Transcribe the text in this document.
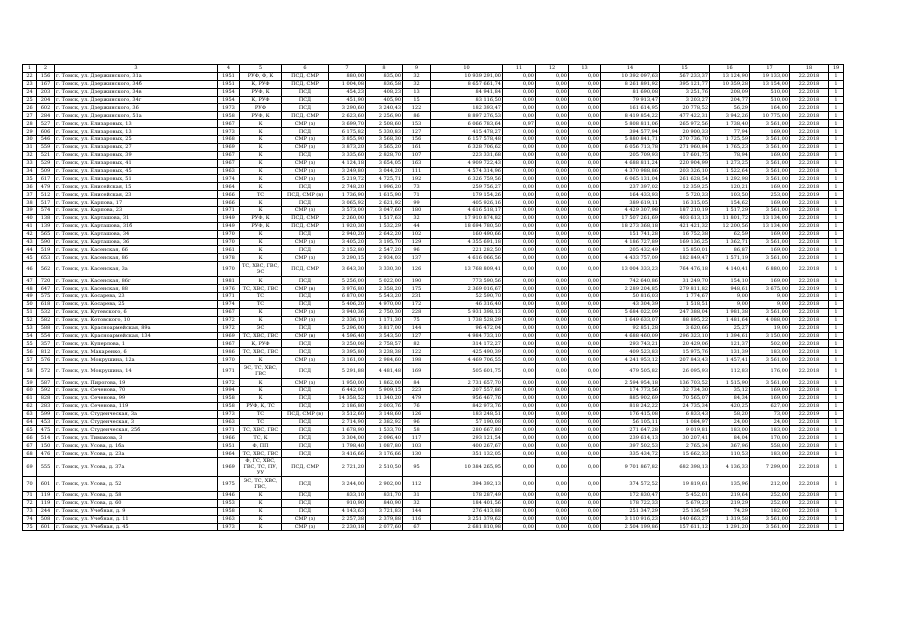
1	2	3	4	5	6	7	8	9	10	11	12	13	14	15	16	17	18	19
22	156	г. Томск, ул. Дзержинского, 31а	1951	РУФ, Ф, К	ПСД, СМР	880,00	835,00	32	10 939 291,00	0,00	0,00	0,00	10 392 097,63	567 233,37	13 124,90	19 133,00	22.2018	1
23	167	г. Томск, ул. Дзержинского, 34б	1951	К, РУФ	ПСД, СМР	1 004,08	836,58	32	8 657 661,74	0,00	0,00	0,00	8 261 891,92	395 121,77	10 359,28	13 154,00	22.2018	1
24	203	г. Томск, ул. Дзержинского, 34в	1954	РУФ, К	ПСД	454,23	408,23	13	84 941,84	0,00	0,00	0,00	81 690,08	3 251,76	208,09	510,00	22.2018	1
25	204	г. Томск, ул. Дзержинского, 34г	1954	К, РУФ	ПСД	451,90	405,90	15	83 116,50	0,00	0,00	0,00	79 913,47	3 203,27	204,77	510,00	22.2018	1
26	602	г. Томск, ул. Дзержинского, 36	1973	РУФ	ПСД	3 290,60	3 240,43	122	182 393,47	0,00	0,00	0,00	161 614,95	20 778,52	56,29	164,00	22.2018	1
27	284	г. Томск, ул. Дзержинского, 51а	1958	РУФ, К	ПСД, СМР	2 623,60	2 256,90	86	8 897 276,53	0,00	0,00	0,00	8 419 854,22	477 422,31	3 942,26	10 775,00	22.2018	1
28	527	г. Томск, ул. Елизаровых, 13	1967	К	СМР (з)	3 699,70	2 508,60	153	6 066 783,64	0,97	0,00	0,00	5 808 811,06	265 972,56	1 738,40	3 561,00	22.2018	1
29	606	г. Томск, ул. Елизаровых, 13	1973	К	ПСД	6 175,82	5 330,83	127	415 478,27	0,00	0,00	0,00	394 577,94	20 900,33	77,94	169,00	22.2018	1
30	546	г. Томск, ул. Елизаровых, 25	1968	К	СМР (з)	3 855,90	3 568,30	156	6 157 578,48	0,00	0,00	0,00	5 880 841,71	270 736,70	1 725,59	3 561,00	22.2018	1
31	559	г. Томск, ул. Елизаровых, 27	1969	К	СМР (з)	3 873,20	3 565,20	161	6 328 706,62	0,00	0,00	0,00	6 056 713,78	271 960,84	1 765,23	3 561,00	22.2018	1
32	521	г. Томск, ул. Елизаровых, 39	1967	К	ПСД	3 335,60	2 828,70	107	223 331,68	0,00	0,00	0,00	205 709,93	17 601,75	78,94	169,00	22.2018	1
33	529	г. Томск, ул. Елизаровых, 41	1967	К	СМР (з)	4 124,18	3 654,05	163	4 909 722,43	0,00	0,00	0,00	4 688 811,24	220 904,99	1 273,25	3 561,00	22.2018	1
34	509	г. Томск, ул. Елизаровых, 45	1963	К	СМР (з)	3 249,80	3 044,20	111	4 574 314,96	0,00	0,00	0,00	4 370 988,86	203 326,10	1 522,64	3 561,00	22.2018	1
35	617	г. Томск, ул. Елизаровых, 51	1974	К	СМР (з)	5 219,72	4 725,71	192	6 326 759,56	0,00	0,00	0,00	6 065 131,04	261 628,54	1 292,98	3 561,00	22.2018	1
36	479	г. Томск, ул. Енисейская, 15	1964	К	ПСД	2 748,20	1 996,20	73	259 756,27	0,00	0,00	0,00	237 397,02	12 359,25	120,21	169,00	22.2018	1
37	512	г. Томск, ул. Енисейская, 23	1966	ТС	ПСД, СМР (в)	1 736,90	1 615,90	71	179 154,26	0,00	0,00	0,00	164 433,93	5 720,33	103,50	253,00	22.2019	1
38	517	г. Томск, ул. Карпова, 17	1966	К	ПСД	3 065,92	2 621,92	99	405 926,16	0,00	0,00	0,00	389 619,11	16 315,05	154,62	169,00	22.2018	1
39	574	г. Томск, ул. Карпова, 23	1971	К	СМР (з)	3 573,00	3 047,60	180	4 616 518,17	0,00	0,00	0,00	4 429 307,98	187 210,19	1 517,29	3 561,00	22.2018	1
40	138	г. Томск, ул. Карташова, 31	1949	РУФ, К	ПСД, СМР	2 260,00	1 517,63	32	17 910 874,82	0,00	0,00	0,00	17 507 261,69	403 613,13	11 801,72	13 134,00	22.2018	1
41	139	г. Томск, ул. Карташова, 31б	1949	РУФ, К	ПСД, СМР	1 920,30	1 532,29	44	18 694 780,50	0,00	0,00	0,00	18 273 368,18	421 421,32	12 200,56	13 134,00	22.2018	1
42	565	г. Томск, ул. Карташова, 34	1970	К	ПСД	2 940,20	2 642,20	102	160 490,66	0,00	0,00	0,00	151 741,28	16 752,38	62,59	169,00	22.2018	1
43	590	г. Томск, ул. Карташова, 36	1970	К	СМР (з)	3 405,20	3 195,70	129	4 355 691,18	0,00	0,00	0,00	4 186 727,89	169 136,25	1 362,71	3 561,00	22.2018	1
44	519	г. Томск, ул. Касенская, 66	1961	К	ПСД	2 152,80	2 547,20	96	221 282,50	0,00	0,00	0,00	205 432,49	15 850,01	86,87	169,00	22.2018	1
45	653	г. Томск, ул. Касенская, 86	1978	К	СМР (з)	3 290,15	2 934,03	137	4 616 066,56	0,00	0,00	0,00	4 433 757,09	182 849,47	1 571,19	3 561,00	22.2018	1
46	562	г. Томск, ул. Касенская, 3а	1970	ТС, ХВС, ГВС, ЭС	ПСД, СМР	3 643,30	3 330,30	126	13 768 809,41	0,00	0,00	0,00	13 004 333,23	764 476,18	4 140,41	6 880,00	22.2018	1
47	720	г. Томск, ул. Касенская, 86г	1981	К	ПСД	5 256,00	5 022,00	190	773 590,56	0,00	0,00	0,00	742 640,86	31 249,70	154,10	169,00	22.2018	1
48	647	г. Томск, ул. Касенская, 88	1976	ТС, ХВС, ГВС	СМР (в)	3 976,80	2 358,20	175	2 369 016,67	0,00	0,00	0,00	2 289 204,85	279 811,82	948,61	3 675,00	22.2019	1
49	575	г. Томск, ул. Косарева, 23	1971	ТС	ПСД	6 870,00	5 543,20	231	52 590,70	0,00	0,00	0,00	50 816,03	1 774,67	9,00	9,00	22.2018	1
50	618	г. Томск, ул. Косарева, 25	1974	ТС	ПСД	5 406,20	4 970,00	172	46 316,40	0,00	0,00	0,00	43 304,39	1 518,51	9,00	9,00	22.2018	1
51	532	г. Томск, ул. Кутевского, 6	1967	К	СМР (з)	3 940,36	2 750,30	228	5 931 398,13	0,00	0,00	0,00	5 684 022,09	247 388,04	1 981,38	3 561,00	22.2018	1
52	582	г. Томск, ул. Котовского, 10	1972	К	СМР (з)	2 336,10	1 171,30	75	1 738 528,29	0,00	0,00	0,00	1 649 633,07	88 895,22	1 481,64	4 088,00	22.2018	1
53	588	г. Томск, ул. Красноармейская, 89а	1972	ЭС	ПСД	5 296,00	3 817,00	144	96 472,04	0,00	0,00	0,00	92 851,28	3 620,66	25,27	19,00	22.2018	1
54	554	г. Томск, ул. Красноармейская, 134	1969	ТС, ХВС, ГВС	СМР (в)	4 596,40	3 543,50	127	4 984 733,10	0,00	0,00	0,00	4 688 460,09	296 323,10	1 394,61	3 150,00	22.2018	1
55	357	г. Томск, ул. Куперлова, 1	1967	К, РУФ	ПСД	3 250,08	2 758,57	82	314 172,27	0,00	0,00	0,00	293 743,21	20 429,06	121,37	502,00	22.2018	1
56	812	г. Томск, ул. Макаренко, 6	1986	ТС, ХВС, ГВС	ПСД	3 395,80	3 238,38	122	425 490,39	0,00	0,00	0,00	409 523,83	15 975,76	131,39	183,00	22.2018	1
57	576	г. Томск, ул. Мокрушина, 12а	1970	К	СМР (з)	3 161,00	2 984,60	198	4 469 706,55	0,00	0,00	0,00	4 241 953,12	207 843,43	1 457,41	3 561,00	22.2018	1
58	572	г. Томск, ул. Мокрушина, 14	1971	ЭС, ТС, ХВС, ГВС	ПСД	5 291,88	4 481,48	169	505 601,75	0,00	0,00	0,00	479 505,82	26 095,93	112,83	176,00	22.2018	1
59	587	г. Томск, ул. Пирогова, 19	1972	К	СМР (з)	1 950,00	1 862,00	84	2 731 657,70	0,00	0,00	0,00	2 594 954,18	136 703,52	1 515,90	3 561,00	22.2018	1
60	592	г. Томск, ул. Сеченова, 70	1994	К	ПСД	6 442,00	5 909,15	223	207 557,86	0,00	0,00	0,00	174 773,56	32 734,30	35,12	169,00	22.2018	1
61	828	г. Томск, ул. Сеченова, 99	1958	К	ПСД	14 358,52	11 340,20	479	956 467,76	0,00	0,00	0,00	885 902,69	70 565,07	84,34	169,00	22.2018	1
62	283	г. Томск, ул. Сеченова, 119	1958	РУФ, К, ТС	ПСД	2 186,80	2 003,76	76	842 973,76	0,00	0,00	0,00	818 242,22	24 735,34	420,25	627,00	22.2018	1
63	599	г. Томск, ул. Студенческая, 3а	1973	ТС	ПСД, СМР (в)	3 512,60	3 148,60	126	183 248,51	0,00	0,00	0,00	176 415,08	6 833,43	58,20	73,00	22.2019	1
64	453	г. Томск, ул. Студенческая, 3	1963	ТС	ПСД	2 714,90	2 382,92	96	57 190,08	0,00	0,00	0,00	56 105,11	1 084,97	24,00	24,00	22.2018	1
65	475	г. Томск, ул. Студенческая, 25б	1971	ТС, ХВС, ГВС	ПСД	1 678,90	1 533,70	58	280 667,80	0,00	0,00	0,00	271 647,28	9 019,81	183,00	183,00	22.2018	1
66	514	г. Томск, ул. Тимакова, 3	1966	ТС, К	ПСД	3 304,00	2 096,40	117	293 121,54	0,00	0,00	0,00	239 614,13	30 207,41	84,04	170,00	22.2018	1
67	150	г. Томск, ул. Усова, д. 1ба	1951	Ф, ПП	ПСД	1 798,40	1 087,80	103	400 267,67	0,00	0,00	0,00	397 502,53	2 765,34	367,96	558,00	22.2018	1
68	476	г. Томск, ул. Усова, д. 23а	1964	ТС, ХВС, ГВС	ПСД	3 416,66	3 176,66	130	351 132,05	0,00	0,00	0,00	335 434,72	15 662,33	110,53	183,00	22.2018	1
69	555	г. Томск, ул. Усова, д. 37а	1969	Ф, ГС, ХВС, ГВС, ТС, ПУ, УУ	ПСД, СМР	2 721,20	2 510,50	95	10 384 265,95	0,00	0,00	0,00	9 701 867,82	682 398,13	4 136,33	7 299,00	22.2018	1
70	601	г. Томск, ул. Усова, д. 52	1975	ЭС, ТС, ХВС, ГВС,	ПСД	3 244,00	2 902,00	112	394 392,13	0,00	0,00	0,00	374 572,52	19 819,61	135,96	212,00	22.2018	1
71	119	г. Томск, ул. Усова, д. 58	1946	К	ПСД	833,10	831,70	31	178 287,49	0,00	0,00	0,00	172 830,47	5 452,01	219,64	252,00	22.2018	1
72	119	г. Томск, ул. Усова, д. 60	1953	К	ПСД	910,90	840,90	32	184 401,56	0,00	0,00	0,00	178 722,33	5 679,23	219,29	252,00	22.2018	1
73	244	г. Томск, ул. Учебная, д. 9	1958	К	ПСД	4 143,63	3 721,83	144	276 413,88	0,00	0,00	0,00	251 347,29	25 136,59	74,29	182,00	22.2018	1
74	508	г. Томск, ул. Учебная, д. 11	1963	К	СМР (з)	2 257,38	2 379,88	116	3 251 379,62	0,00	0,00	0,00	3 110 916,23	140 663,27	1 319,58	3 561,00	22.2018	1
75	601	г. Томск, ул. Учебная, д. 45	1973	К	СМР (з)	2 230,18	2 077,60	67	2 681 810,98	0,00	0,00	0,00	2 504 199,86	157 611,12	1 291,20	3 561,00	22.2018	1
